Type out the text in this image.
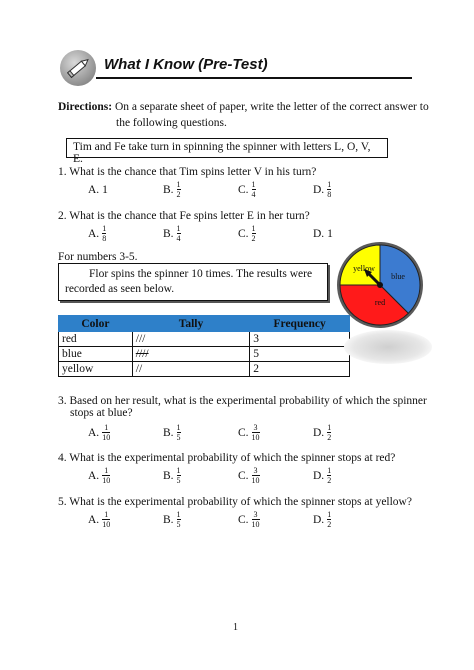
What I Know (Pre-Test)
Directions: On a separate sheet of paper, write the letter of the correct answer to
the following questions.
Tim and Fe take turn in spinning the spinner with letters L, O, V, E.
1. What is the chance that Tim spins letter V in his turn?
A.
1	B. $\frac{1}{2}$	C. $\frac{1}{4}$	D. $\frac{1}{8}$
2. What is the chance that Fe spins letter E in her turn?
A. $\frac{1}{8}$	B. $\frac{1}{4}$	C. $\frac{1}{2}$	D.
1
For numbers 3-5.
Flor spins the spinner 10 times. The results were
recorded as seen below.
Color	Tally	Frequency
red	///	3
blue	////	5
yellow	//	2
yellow
blue
red
3. Based on her result, what is the experimental probability of which the spinner
stops at blue?
A. $\frac{1}{10}$	B. $\frac{1}{5}$	C. $\frac{3}{10}$	D. $\frac{1}{2}$
4. What is the experimental probability of which the spinner stops at red?
A. $\frac{1}{10}$	B. $\frac{1}{5}$	C. $\frac{3}{10}$	D. $\frac{1}{2}$
5. What is the experimental probability of which the spinner stops at yellow?
A. $\frac{1}{10}$	B. $\frac{1}{5}$	C. $\frac{3}{10}$	D. $\frac{1}{2}$
1
